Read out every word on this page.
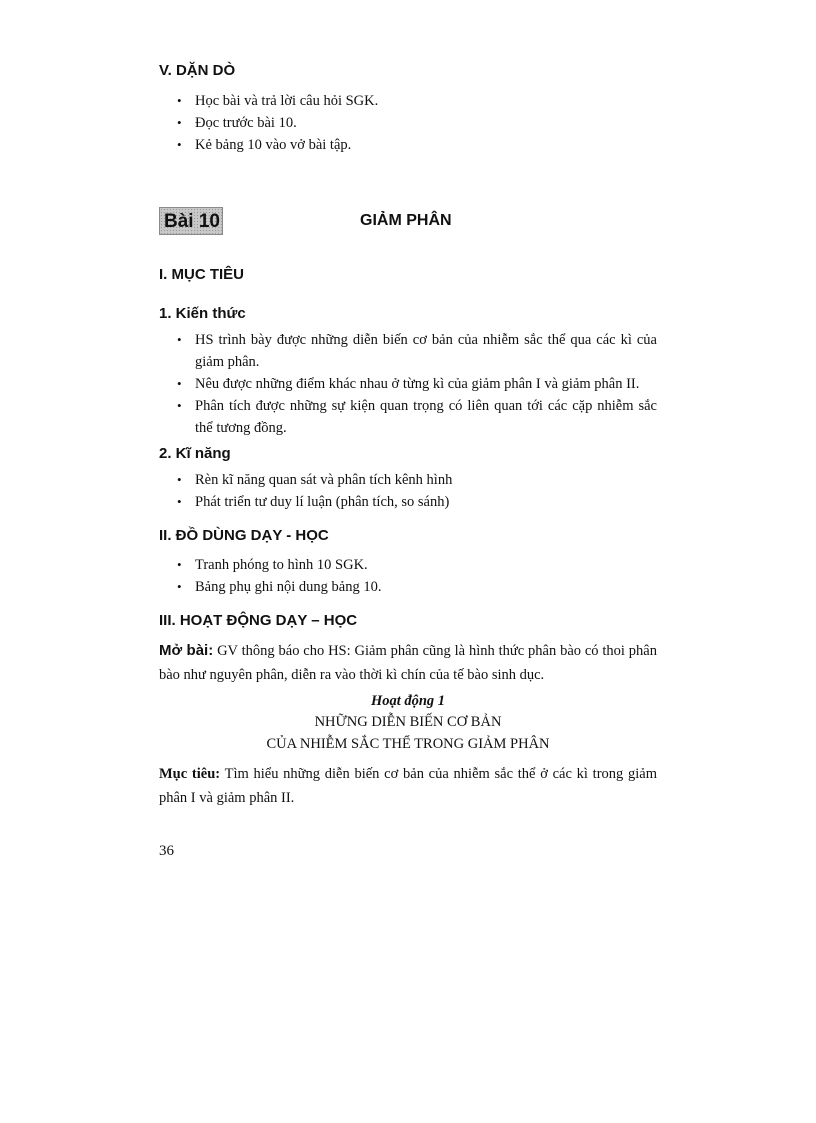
V. DẶN DÒ
• Học bài và trả lời câu hỏi SGK.
• Đọc trước bài 10.
• Kẻ bảng 10 vào vở bài tập.
Bài 10	GIẢM PHÂN
I. MỤC TIÊU
1. Kiến thức
• HS trình bày được những diễn biến cơ bản của nhiễm sắc thể qua các kì của giảm phân.
• Nêu được những điểm khác nhau ở từng kì của giảm phân I và giảm phân II.
• Phân tích được những sự kiện quan trọng có liên quan tới các cặp nhiễm sắc thể tương đồng.
2. Kĩ năng
• Rèn kĩ năng quan sát và phân tích kênh hình
• Phát triển tư duy lí luận (phân tích, so sánh)
II. ĐỒ DÙNG DẠY - HỌC
• Tranh phóng to hình 10 SGK.
• Bảng phụ ghi nội dung bảng 10.
III. HOẠT ĐỘNG DẠY – HỌC

Mở bài: GV thông báo cho HS: Giảm phân cũng là hình thức phân bào có thoi phân bào như nguyên phân, diễn ra vào thời kì chín của tế bào sinh dục.

Hoạt động 1

NHỮNG DIỄN BIẾN CƠ BẢN

CỦA NHIỄM SẮC THỂ TRONG GIẢM PHÂN

Mục tiêu: Tìm hiểu những diễn biến cơ bản của nhiễm sắc thể ở các kì trong giảm phân I và giảm phân II.

36
